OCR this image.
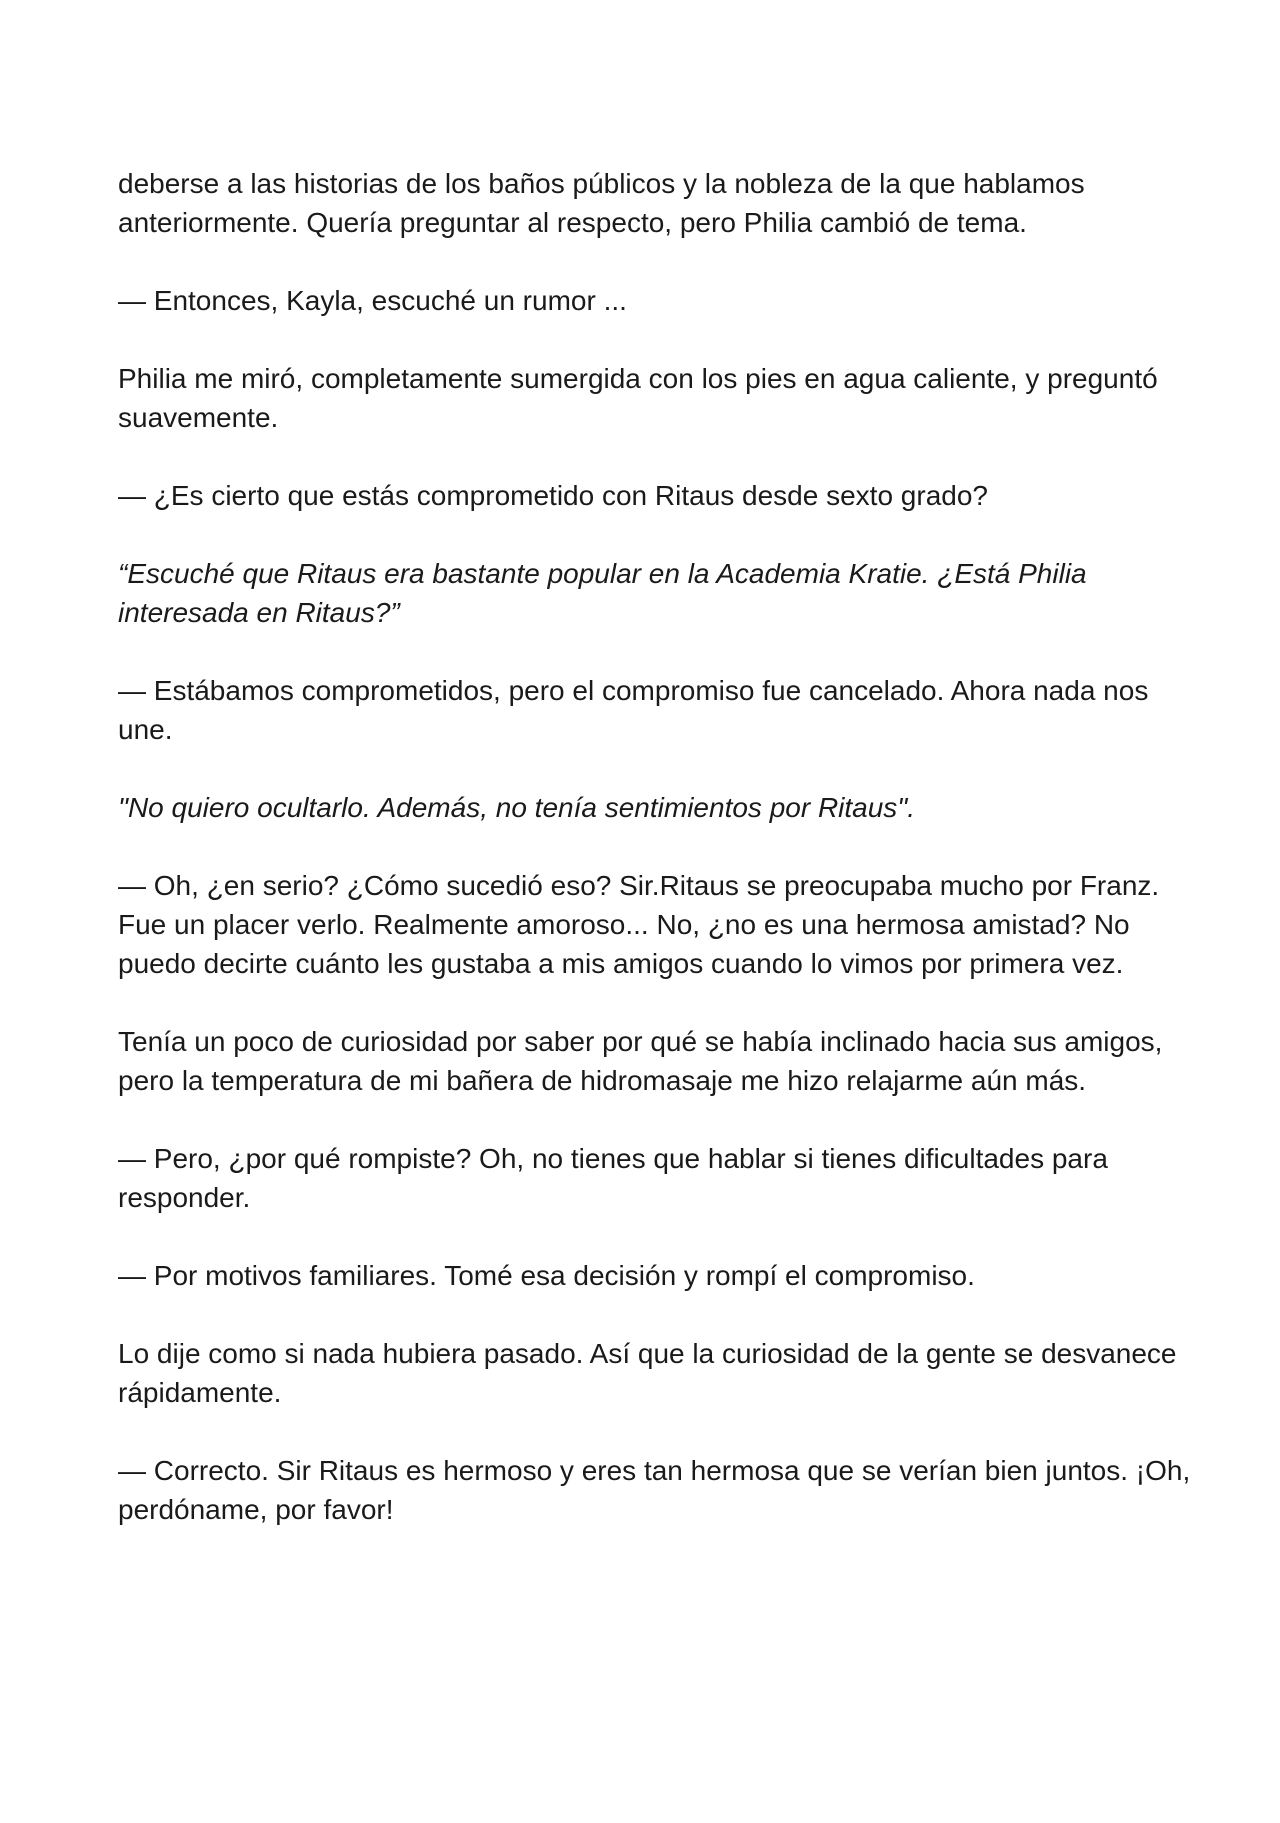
deberse a las historias de los baños públicos y la nobleza de la que hablamos anteriormente. Quería preguntar al respecto, pero Philia cambió de tema.

— Entonces, Kayla, escuché un rumor ...

Philia me miró, completamente sumergida con los pies en agua caliente, y preguntó suavemente.

— ¿Es cierto que estás comprometido con Ritaus desde sexto grado?

“Escuché que Ritaus era bastante popular en la Academia Kratie. ¿Está Philia interesada en Ritaus?”

— Estábamos comprometidos, pero el compromiso fue cancelado. Ahora nada nos une.

"No quiero ocultarlo. Además, no tenía sentimientos por Ritaus".

— Oh, ¿en serio? ¿Cómo sucedió eso? Sir.Ritaus se preocupaba mucho por Franz. Fue un placer verlo. Realmente amoroso... No, ¿no es una hermosa amistad? No puedo decirte cuánto les gustaba a mis amigos cuando lo vimos por primera vez.

Tenía un poco de curiosidad por saber por qué se había inclinado hacia sus amigos, pero la temperatura de mi bañera de hidromasaje me hizo relajarme aún más.

— Pero, ¿por qué rompiste? Oh, no tienes que hablar si tienes dificultades para responder.

— Por motivos familiares. Tomé esa decisión y rompí el compromiso.

Lo dije como si nada hubiera pasado. Así que la curiosidad de la gente se desvanece rápidamente.

— Correcto. Sir Ritaus es hermoso y eres tan hermosa que se verían bien juntos. ¡Oh, perdóname, por favor!
